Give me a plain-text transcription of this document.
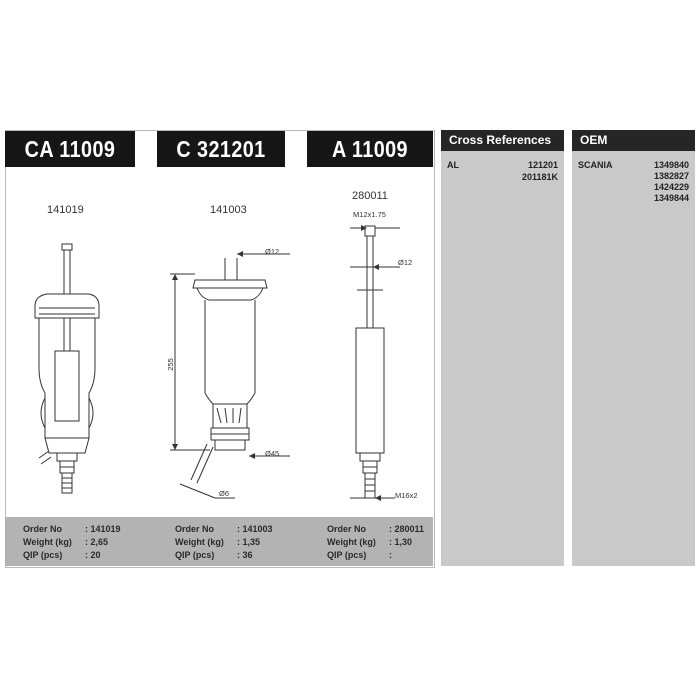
CA 11009	C 321201	A 11009
141019	141003
280011
Ø12
Ø45
255
Ø6
M12x1.75
Ø12
M16x2
Order No	: 141019
Weight (kg) : 2,65
QIP (pcs)	: 20
Order No	: 141003
Weight (kg) : 1,35
QIP (pcs)	: 36
Order No	: 280011
Weight (kg) : 1,30
QIP (pcs)	:
Cross References
AL	121201
201181K
OEM
SCANIA	1349840
1382827
1424229
1349844
